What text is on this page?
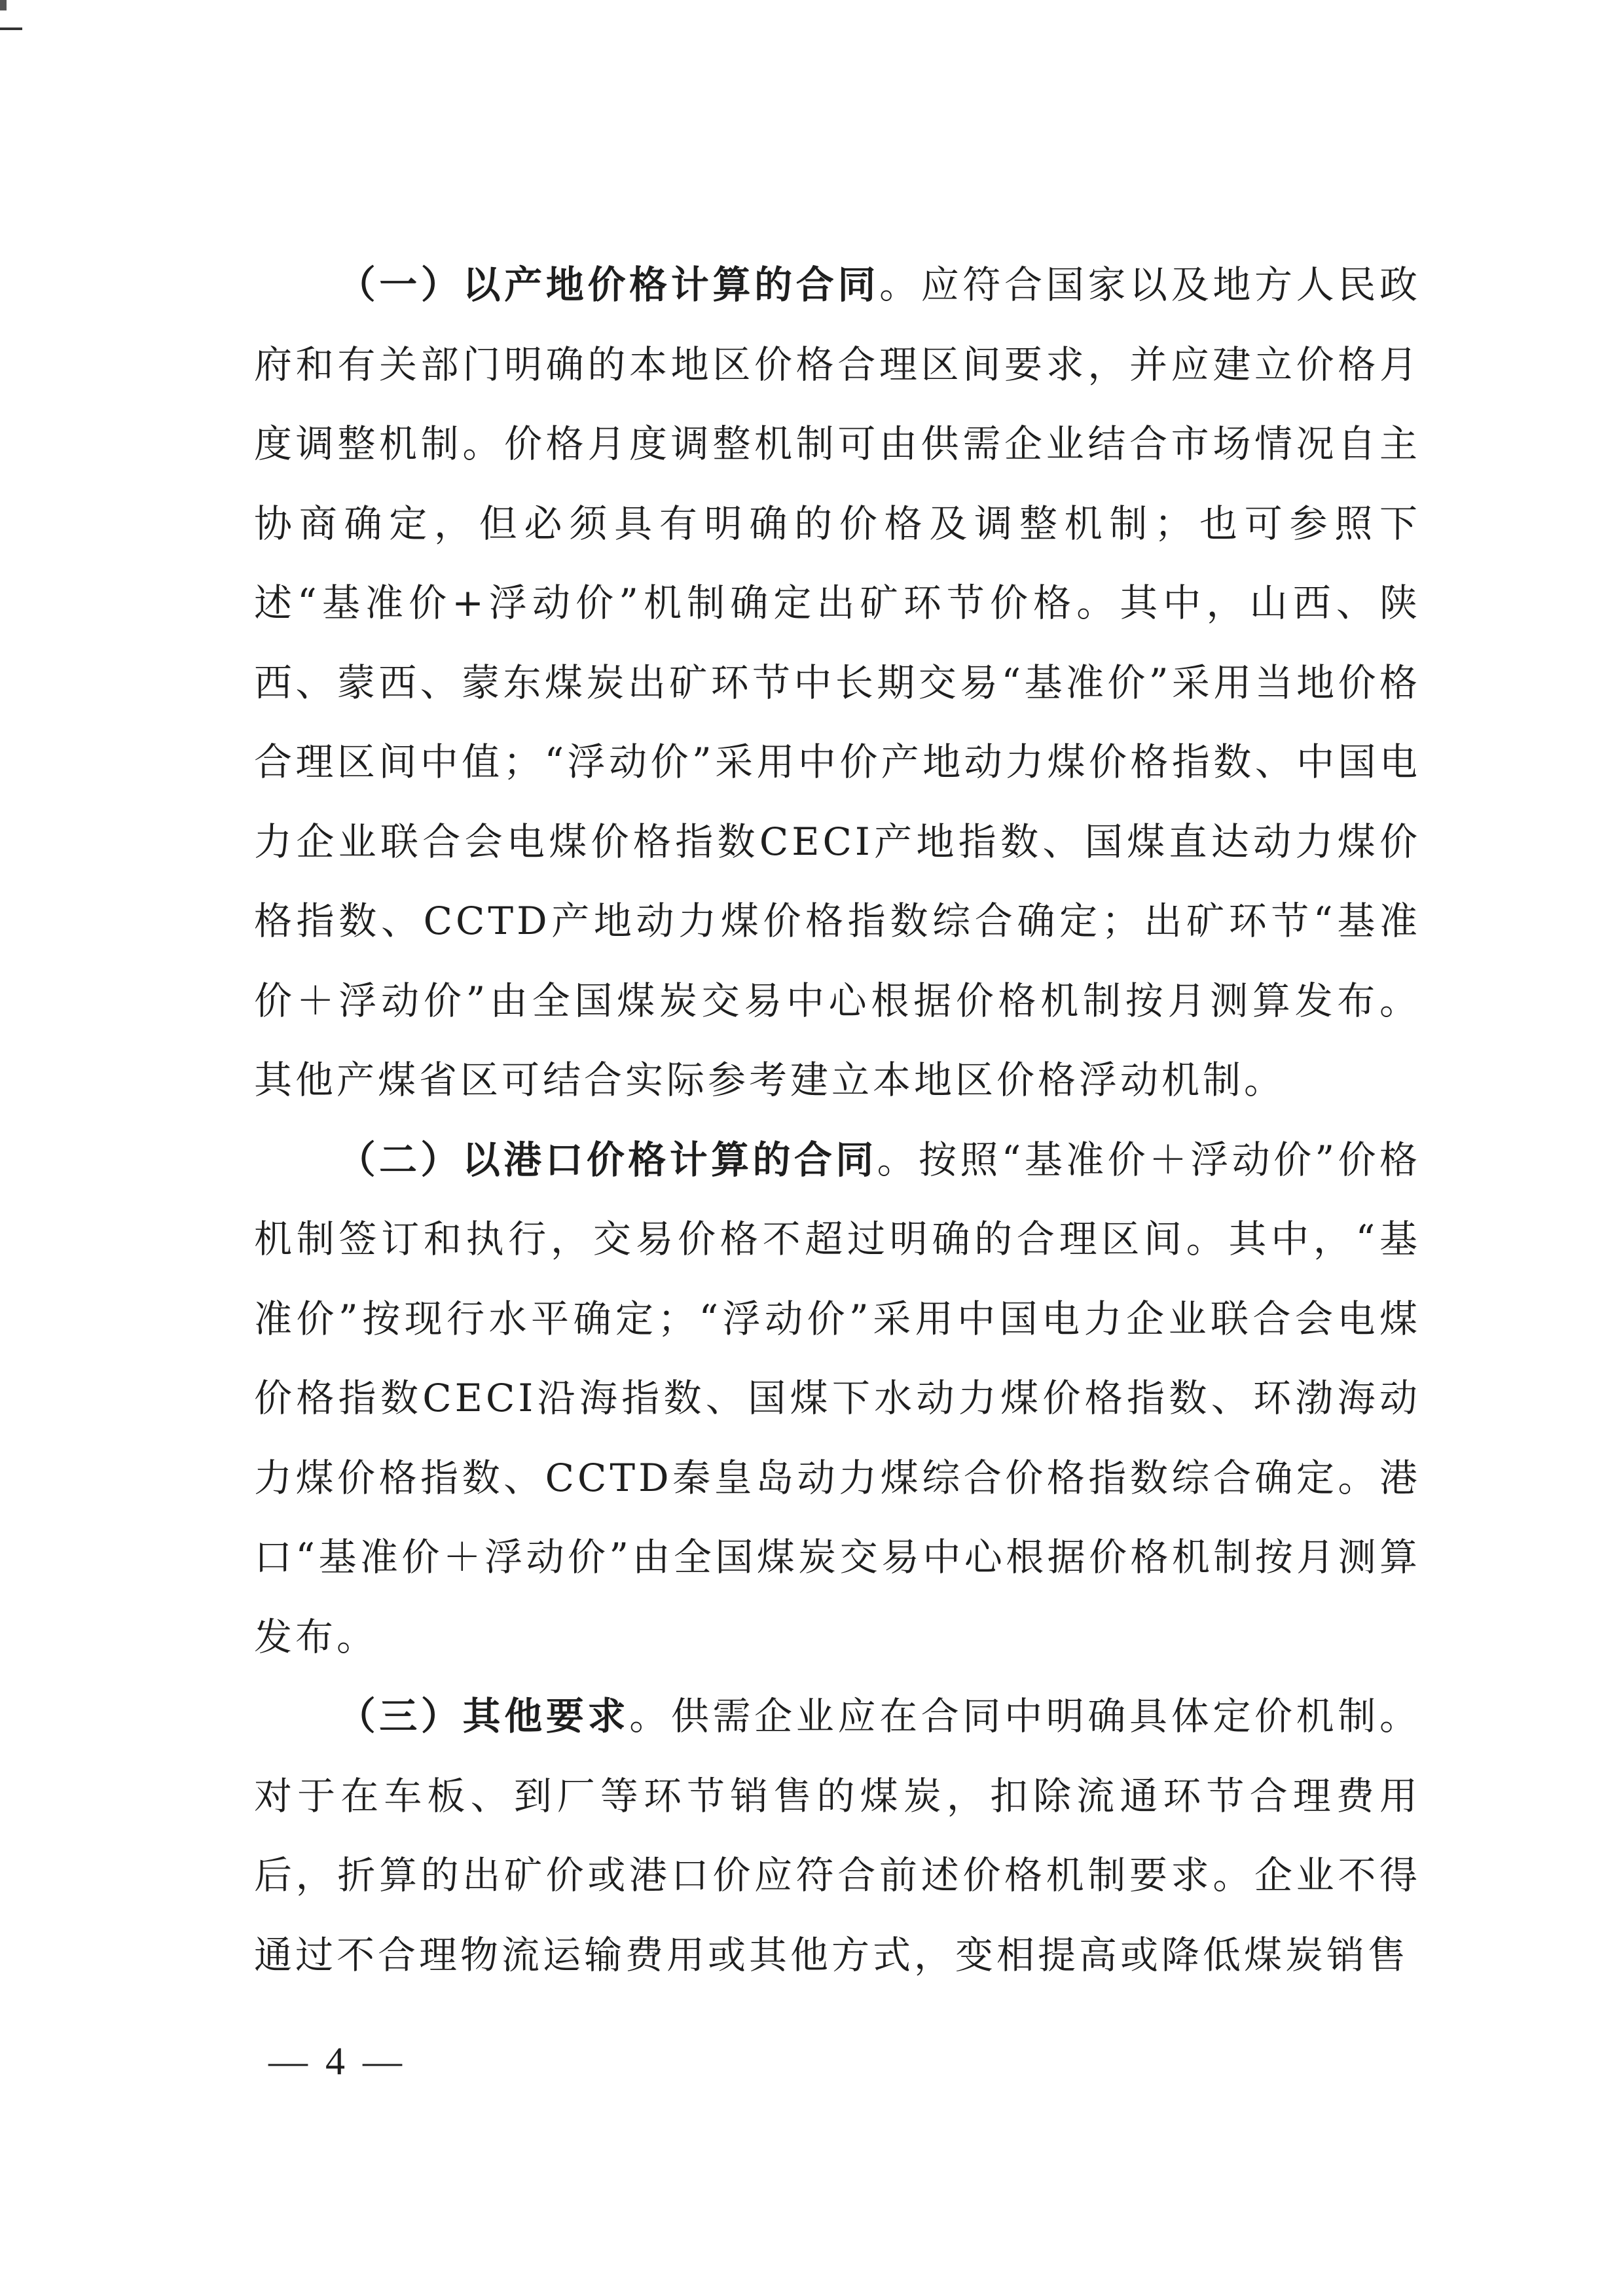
（一）以产地价格计算的合同。应符合国家以及地方人民政府和有关部门明确的本地区价格合理区间要求，并应建立价格月度调整机制。价格月度调整机制可由供需企业结合市场情况自主协商确定，但必须具有明确的价格及调整机制；也可参照下述“基准价+浮动价”机制确定出矿环节价格。其中，山西、陕西、蒙西、蒙东煤炭出矿环节中长期交易“基准价”采用当地价格合理区间中值；“浮动价”采用中价产地动力煤价格指数、中国电力企业联合会电煤价格指数CECI产地指数、国煤直达动力煤价格指数、CCTD产地动力煤价格指数综合确定；出矿环节“基准价＋浮动价”由全国煤炭交易中心根据价格机制按月测算发布。其他产煤省区可结合实际参考建立本地区价格浮动机制。

（二）以港口价格计算的合同。按照“基准价＋浮动价”价格机制签订和执行，交易价格不超过明确的合理区间。其中，“基准价”按现行水平确定；“浮动价”采用中国电力企业联合会电煤价格指数CECI沿海指数、国煤下水动力煤价格指数、环渤海动力煤价格指数、CCTD秦皇岛动力煤综合价格指数综合确定。港口“基准价＋浮动价”由全国煤炭交易中心根据价格机制按月测算发布。

（三）其他要求。供需企业应在合同中明确具体定价机制。对于在车板、到厂等环节销售的煤炭，扣除流通环节合理费用后，折算的出矿价或港口价应符合前述价格机制要求。企业不得通过不合理物流运输费用或其他方式，变相提高或降低煤炭销售

— 4 —
